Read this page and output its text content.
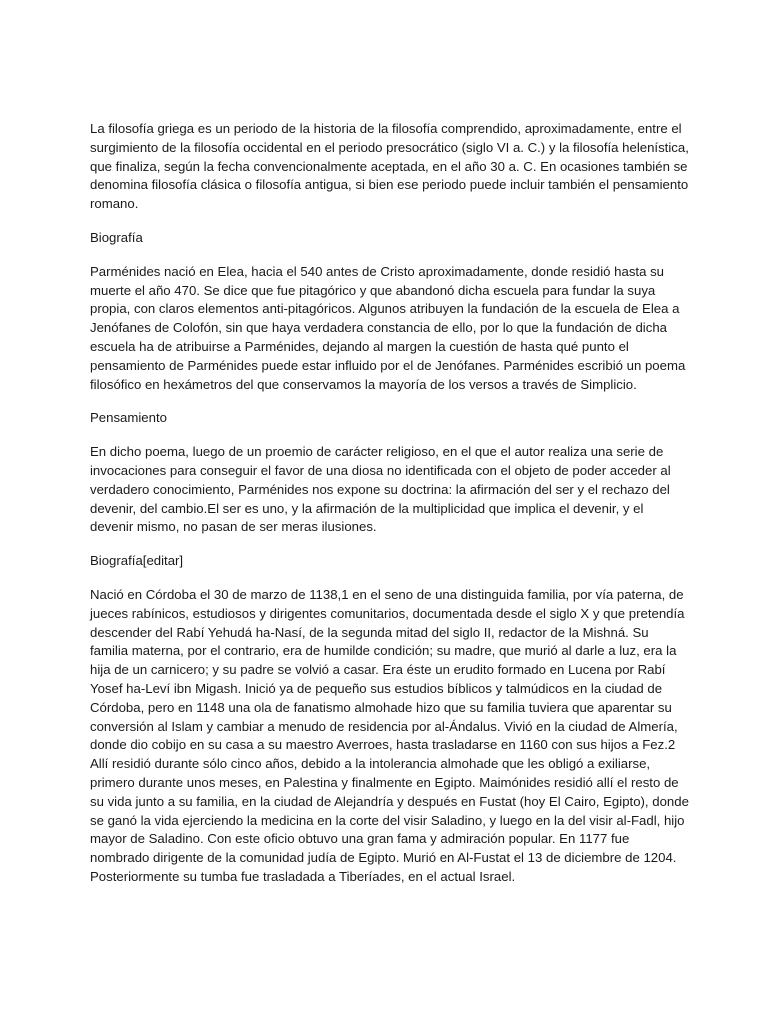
La filosofía griega es un periodo de la historia de la filosofía comprendido, aproximadamente, entre el surgimiento de la filosofía occidental en el periodo presocrático (siglo VI a. C.) y la filosofía helenística, que finaliza, según la fecha convencionalmente aceptada, en el año 30 a. C. En ocasiones también se denomina filosofía clásica o filosofía antigua, si bien ese periodo puede incluir también el pensamiento romano.

Biografía

Parménides nació en Elea, hacia el 540 antes de Cristo aproximadamente, donde residió hasta su muerte el año 470. Se dice que fue pitagórico y que abandonó dicha escuela para fundar la suya propia, con claros elementos anti-pitagóricos. Algunos atribuyen la fundación de la escuela de Elea a Jenófanes de Colofón, sin que haya verdadera constancia de ello, por lo que la fundación de dicha escuela ha de atribuirse a Parménides, dejando al margen la cuestión de hasta qué punto el pensamiento de Parménides puede estar influido por el de Jenófanes. Parménides escribió un poema filosófico en hexámetros del que conservamos la mayoría de los versos a través de Simplicio.

Pensamiento

En dicho poema, luego de un proemio de carácter religioso, en el que el autor realiza una serie de invocaciones para conseguir el favor de una diosa no identificada con el objeto de poder acceder al verdadero conocimiento, Parménides nos expone su doctrina: la afirmación del ser y el rechazo del devenir, del cambio.El ser es uno, y la afirmación de la multiplicidad que implica el devenir, y el devenir mismo, no pasan de ser meras ilusiones.

Biografía[editar]

Nació en Córdoba el 30 de marzo de 1138,1 en el seno de una distinguida familia, por vía paterna, de jueces rabínicos, estudiosos y dirigentes comunitarios, documentada desde el siglo X y que pretendía descender del Rabí Yehudá ha-Nasí, de la segunda mitad del siglo II, redactor de la Mishná. Su familia materna, por el contrario, era de humilde condición; su madre, que murió al darle a luz, era la hija de un carnicero; y su padre se volvió a casar. Era éste un erudito formado en Lucena por Rabí Yosef ha-Leví ibn Migash. Inició ya de pequeño sus estudios bíblicos y talmúdicos en la ciudad de Córdoba, pero en 1148 una ola de fanatismo almohade hizo que su familia tuviera que aparentar su conversión al Islam y cambiar a menudo de residencia por al-Ándalus. Vivió en la ciudad de Almería, donde dio cobijo en su casa a su maestro Averroes, hasta trasladarse en 1160 con sus hijos a Fez.2 Allí residió durante sólo cinco años, debido a la intolerancia almohade que les obligó a exiliarse, primero durante unos meses, en Palestina y finalmente en Egipto. Maimónides residió allí el resto de su vida junto a su familia, en la ciudad de Alejandría y después en Fustat (hoy El Cairo, Egipto), donde se ganó la vida ejerciendo la medicina en la corte del visir Saladino, y luego en la del visir al-Fadl, hijo mayor de Saladino. Con este oficio obtuvo una gran fama y admiración popular. En 1177 fue nombrado dirigente de la comunidad judía de Egipto. Murió en Al-Fustat el 13 de diciembre de 1204. Posteriormente su tumba fue trasladada a Tiberíades, en el actual Israel.
